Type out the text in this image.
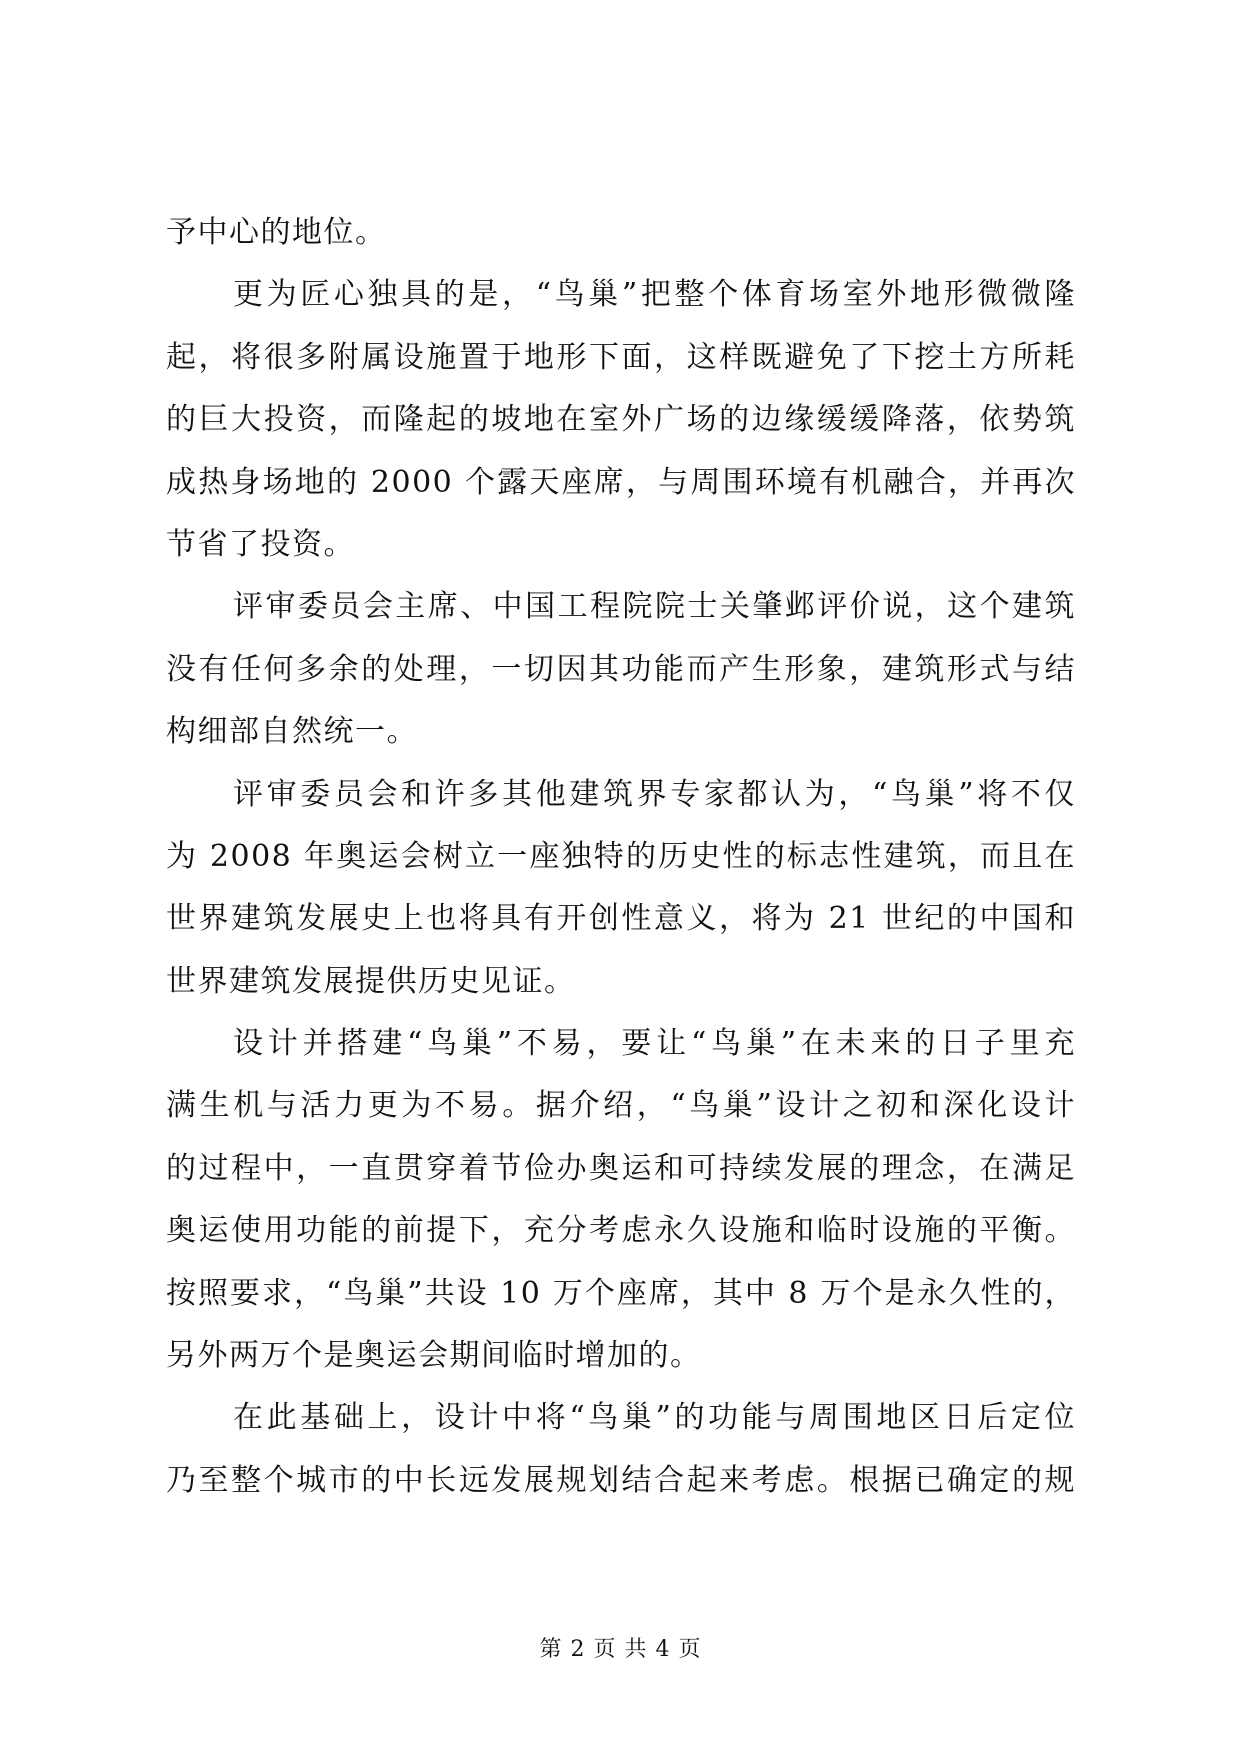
予中心的地位。
更为匠心独具的是，“鸟巢”把整个体育场室外地形微微隆
起，将很多附属设施置于地形下面，这样既避免了下挖土方所耗
的巨大投资，而隆起的坡地在室外广场的边缘缓缓降落，依势筑
成热身场地的 2000 个露天座席，与周围环境有机融合，并再次
节省了投资。
评审委员会主席、中国工程院院士关肇邺评价说，这个建筑
没有任何多余的处理，一切因其功能而产生形象，建筑形式与结
构细部自然统一。
评审委员会和许多其他建筑界专家都认为，“鸟巢”将不仅
为 2008 年奥运会树立一座独特的历史性的标志性建筑，而且在
世界建筑发展史上也将具有开创性意义，将为 21 世纪的中国和
世界建筑发展提供历史见证。
设计并搭建“鸟巢”不易，要让“鸟巢”在未来的日子里充
满生机与活力更为不易。据介绍，“鸟巢”设计之初和深化设计
的过程中，一直贯穿着节俭办奥运和可持续发展的理念，在满足
奥运使用功能的前提下，充分考虑永久设施和临时设施的平衡。
按照要求，“鸟巢”共设 10 万个座席，其中 8 万个是永久性的，
另外两万个是奥运会期间临时增加的。
在此基础上，设计中将“鸟巢”的功能与周围地区日后定位
乃至整个城市的中长远发展规划结合起来考虑。根据已确定的规
第 2 页 共 4 页
